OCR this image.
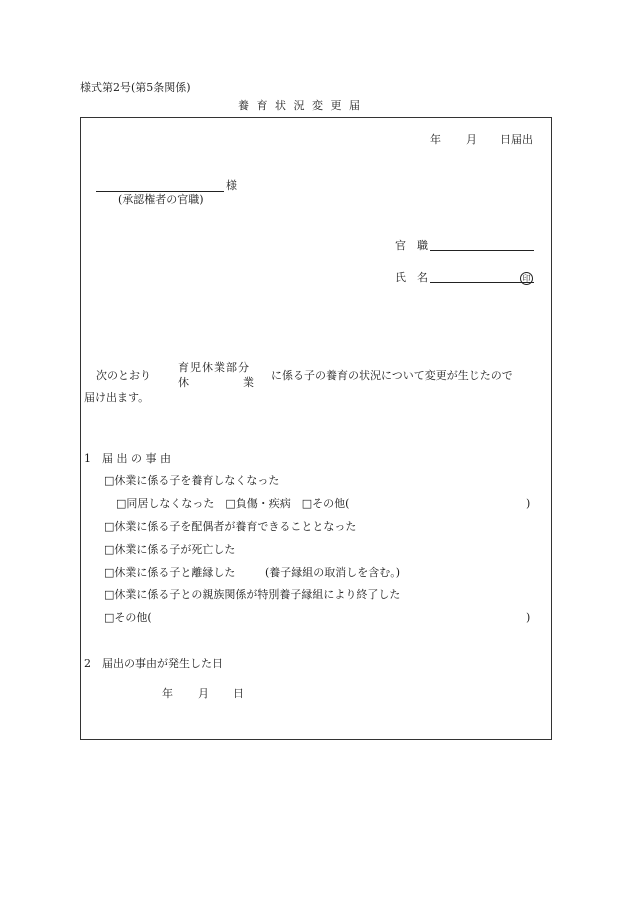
様式第2号(第5条関係)
養 育 状 況 変 更 届
年 月 日届出
様
(承認権者の官職)
官　職
氏　名	印
次のとおり
育児休業部分
休	業
に係る子の養育の状況について変更が生じたので
届け出ます。
1　届 出 の 事 由
□休業に係る子を養育しなくなった
□同居しなくなった　□負傷・疾病　□その他(	)
□休業に係る子を配偶者が養育できることとなった
□休業に係る子が死亡した
□休業に係る子と離縁した	(養子縁組の取消しを含む。)
□休業に係る子との親族関係が特別養子縁組により終了した
□その他(	)
2　届出の事由が発生した日
年 月 日
